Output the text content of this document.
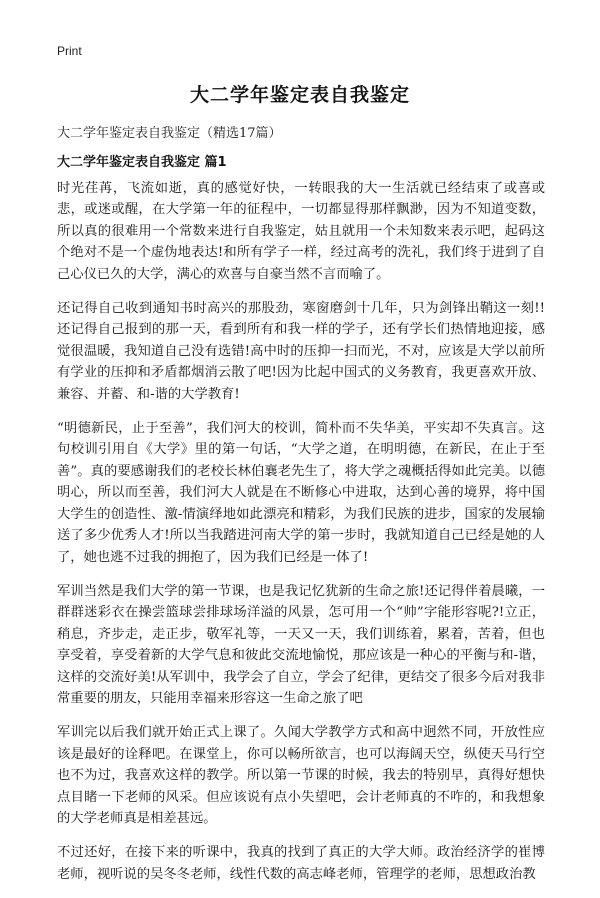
Print
大二学年鉴定表自我鉴定
大二学年鉴定表自我鉴定（精选17篇）
大二学年鉴定表自我鉴定 篇1

时光荏苒，飞流如逝，真的感觉好快，一转眼我的大一生活就已经结束了或喜或悲，或迷或醒，在大学第一年的征程中，一切都显得那样飘渺，因为不知道变数，所以真的很难用一个常数来进行自我鉴定，姑且就用一个未知数来表示吧，起码这个绝对不是一个虚伪地表达!和所有学子一样，经过高考的洗礼，我们终于进到了自己心仪已久的大学，满心的欢喜与自豪当然不言而喻了。

还记得自己收到通知书时高兴的那股劲，寒窗磨剑十几年，只为剑锋出鞘这一刻!!还记得自己报到的那一天，看到所有和我一样的学子，还有学长们热情地迎接，感觉很温暖，我知道自己没有选错!高中时的压抑一扫而光，不对，应该是大学以前所有学业的压抑和矛盾都烟消云散了吧!因为比起中国式的义务教育，我更喜欢开放、兼容、并蓄、和-谐的大学教育!

“明德新民，止于至善”，我们河大的校训，简朴而不失华美，平实却不失真言。这句校训引用自《大学》里的第一句话，“大学之道，在明明德，在新民，在止于至善”。真的要感谢我们的老校长林伯襄老先生了，将大学之魂概括得如此完美。以德明心，所以而至善，我们河大人就是在不断修心中进取，达到心善的境界，将中国大学生的创造性、激-情演绎地如此漂亮和精彩，为我们民族的进步，国家的发展输送了多少优秀人才!所以当我踏进河南大学的第一步时，我就知道自己已经是她的人了，她也逃不过我的拥抱了，因为我们已经是一体了!

军训当然是我们大学的第一节课，也是我记忆犹新的生命之旅!还记得伴着晨曦，一群群迷彩衣在操尝篮球尝排球场洋溢的风景，怎可用一个“帅”字能形容呢?!立正，稍息，齐步走，走正步，敬军礼等，一天又一天，我们训练着，累着，苦着，但也享受着，享受着新的大学气息和彼此交流地愉悦，那应该是一种心的平衡与和-谐，这样的交流好美!从军训中，我学会了自立，学会了纪律，更结交了很多今后对我非常重要的朋友，只能用幸福来形容这一生命之旅了吧

军训完以后我们就开始正式上课了。久闻大学教学方式和高中迥然不同，开放性应该是最好的诠释吧。在课堂上，你可以畅所欲言，也可以海阔天空，纵使天马行空也不为过，我喜欢这样的教学。所以第一节课的时候，我去的特别早，真得好想快点目睹一下老师的风采。但应该说有点小失望吧，会计老师真的不咋的，和我想象的大学老师真是相差甚远。

不过还好，在接下来的听课中，我真的找到了真正的大学大师。政治经济学的崔博老师，视听说的吴冬冬老师，线性代数的高志峰老师，管理学的老师，思想政治教
